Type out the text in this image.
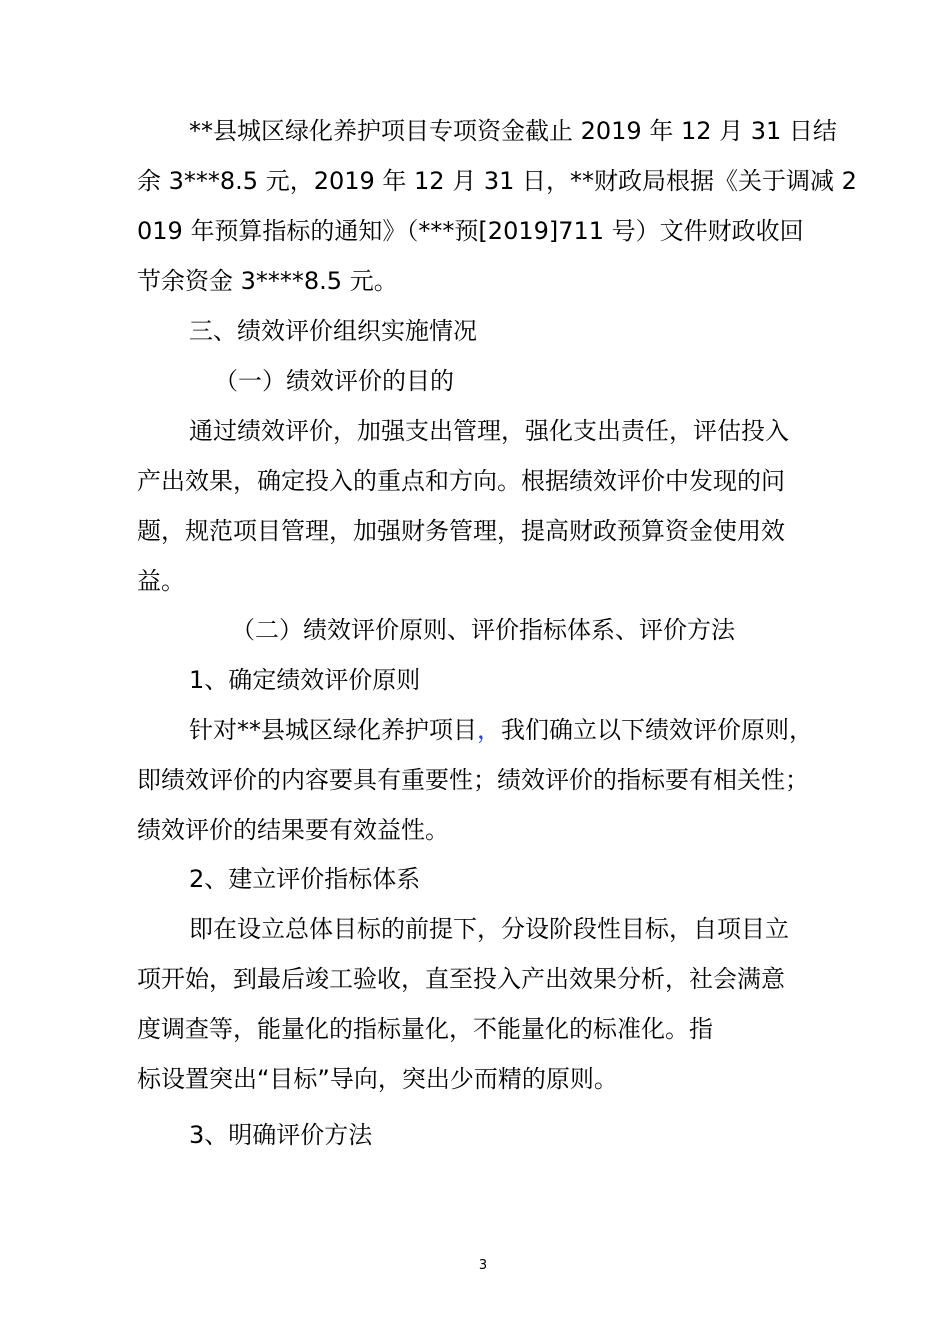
**县城区绿化养护项目专项资金截止 2019 年 12 月 31 日结

余 3***8.5 元，2019 年 12 月 31 日，**财政局根据《关于调减 2

019 年预算指标的通知》（***预[2019]711 号）文件财政收回

节余资金 3****8.5 元。

三、绩效评价组织实施情况

（一）绩效评价的目的

通过绩效评价，加强支出管理，强化支出责任，评估投入

产出效果，确定投入的重点和方向。根据绩效评价中发现的问

题，规范项目管理，加强财务管理，提高财政预算资金使用效

益。

（二）绩效评价原则、评价指标体系、评价方法

1、确定绩效评价原则

针对**县城区绿化养护项目，我们确立以下绩效评价原则，

即绩效评价的内容要具有重要性；绩效评价的指标要有相关性；

绩效评价的结果要有效益性。

2、建立评价指标体系

即在设立总体目标的前提下，分设阶段性目标，自项目立

项开始，到最后竣工验收，直至投入产出效果分析，社会满意

度调查等，能量化的指标量化，不能量化的标准化。指

标设置突出“目标”导向，突出少而精的原则。

3、明确评价方法

3
